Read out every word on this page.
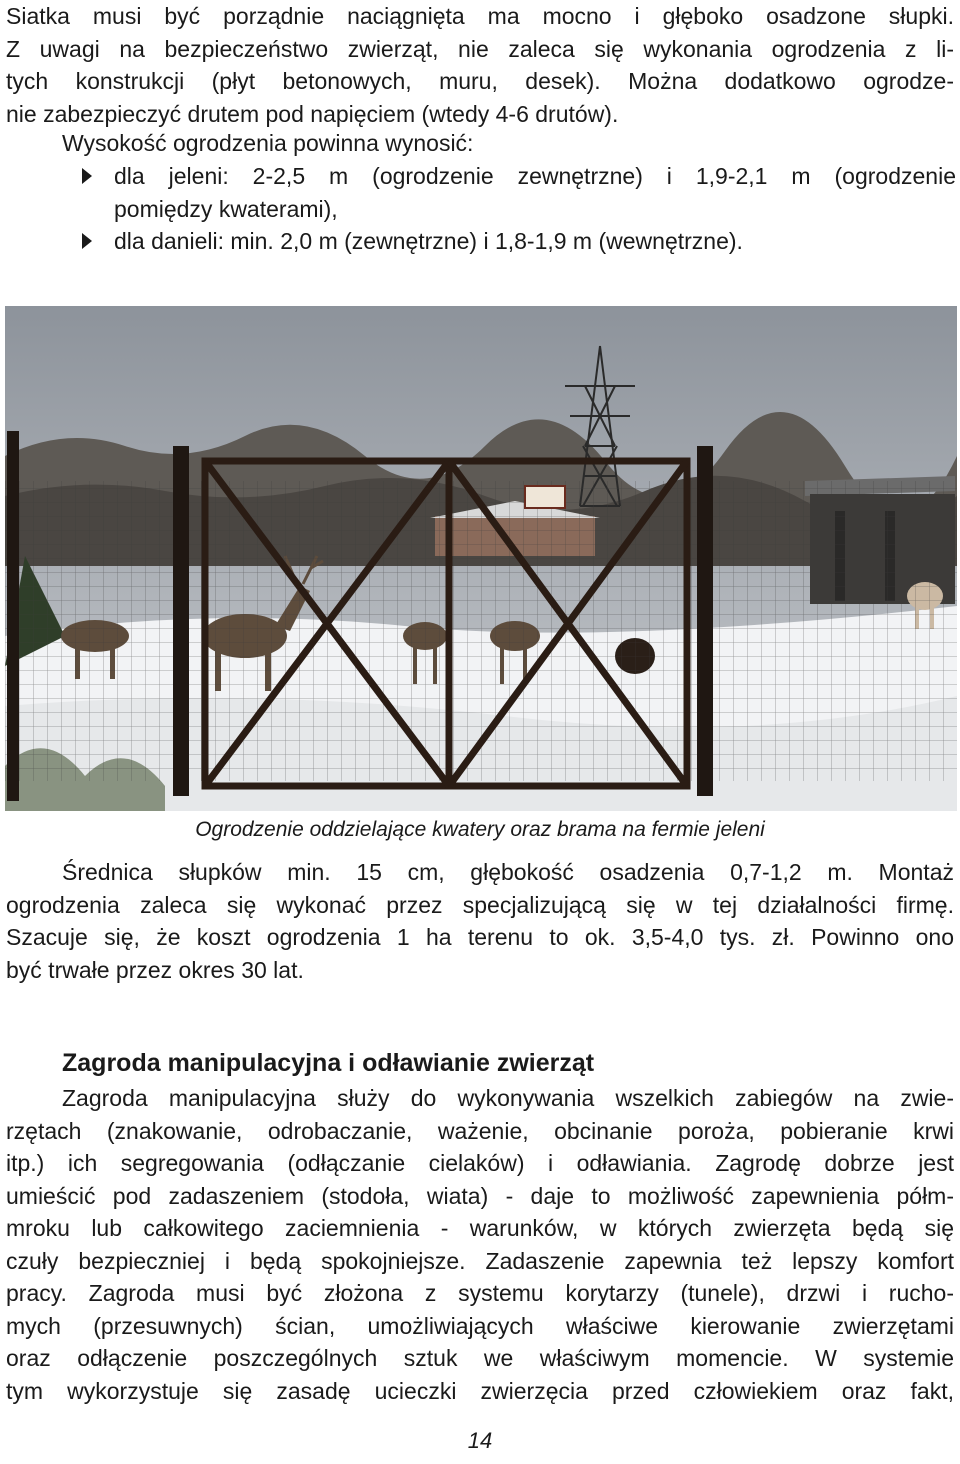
Siatka musi być porządnie naciągnięta ma mocno i głęboko osadzone słupki.
Z uwagi na bezpieczeństwo zwierząt, nie zaleca się wykonania ogrodzenia z li-
tych konstrukcji (płyt betonowych, muru, desek). Można dodatkowo ogrodze-
nie zabezpieczyć drutem pod napięciem (wtedy 4-6 drutów).
Wysokość ogrodzenia powinna wynosić:
dla jeleni: 2-2,5 m (ogrodzenie zewnętrzne) i 1,9-2,1 m (ogrodzenie
pomiędzy kwaterami),
dla danieli: min. 2,0 m (zewnętrzne) i 1,8-1,9 m (wewnętrzne).
Ogrodzenie oddzielające kwatery oraz brama na fermie jeleni
Średnica słupków min. 15 cm, głębokość osadzenia 0,7-1,2 m. Montaż
ogrodzenia zaleca się wykonać przez specjalizującą się w tej działalności firmę.
Szacuje się, że koszt ogrodzenia 1 ha terenu to ok. 3,5-4,0 tys. zł. Powinno ono
być trwałe przez okres 30 lat.
Zagroda manipulacyjna i odławianie zwierząt
Zagroda manipulacyjna służy do wykonywania wszelkich zabiegów na zwie-
rzętach (znakowanie, odrobaczanie, ważenie, obcinanie poroża, pobieranie krwi
itp.) ich segregowania (odłączanie cielaków) i odławiania. Zagrodę dobrze jest
umieścić pod zadaszeniem (stodoła, wiata) - daje to możliwość zapewnienia półm-
mroku lub całkowitego zaciemnienia - warunków, w których zwierzęta będą się
czuły bezpieczniej i będą spokojniejsze. Zadaszenie zapewnia też lepszy komfort
pracy. Zagroda musi być złożona z systemu korytarzy (tunele), drzwi i rucho-
mych (przesuwnych) ścian, umożliwiających właściwe kierowanie zwierzętami
oraz odłączenie poszczególnych sztuk we właściwym momencie. W systemie
tym wykorzystuje się zasadę ucieczki zwierzęcia przed człowiekiem oraz fakt,
14
